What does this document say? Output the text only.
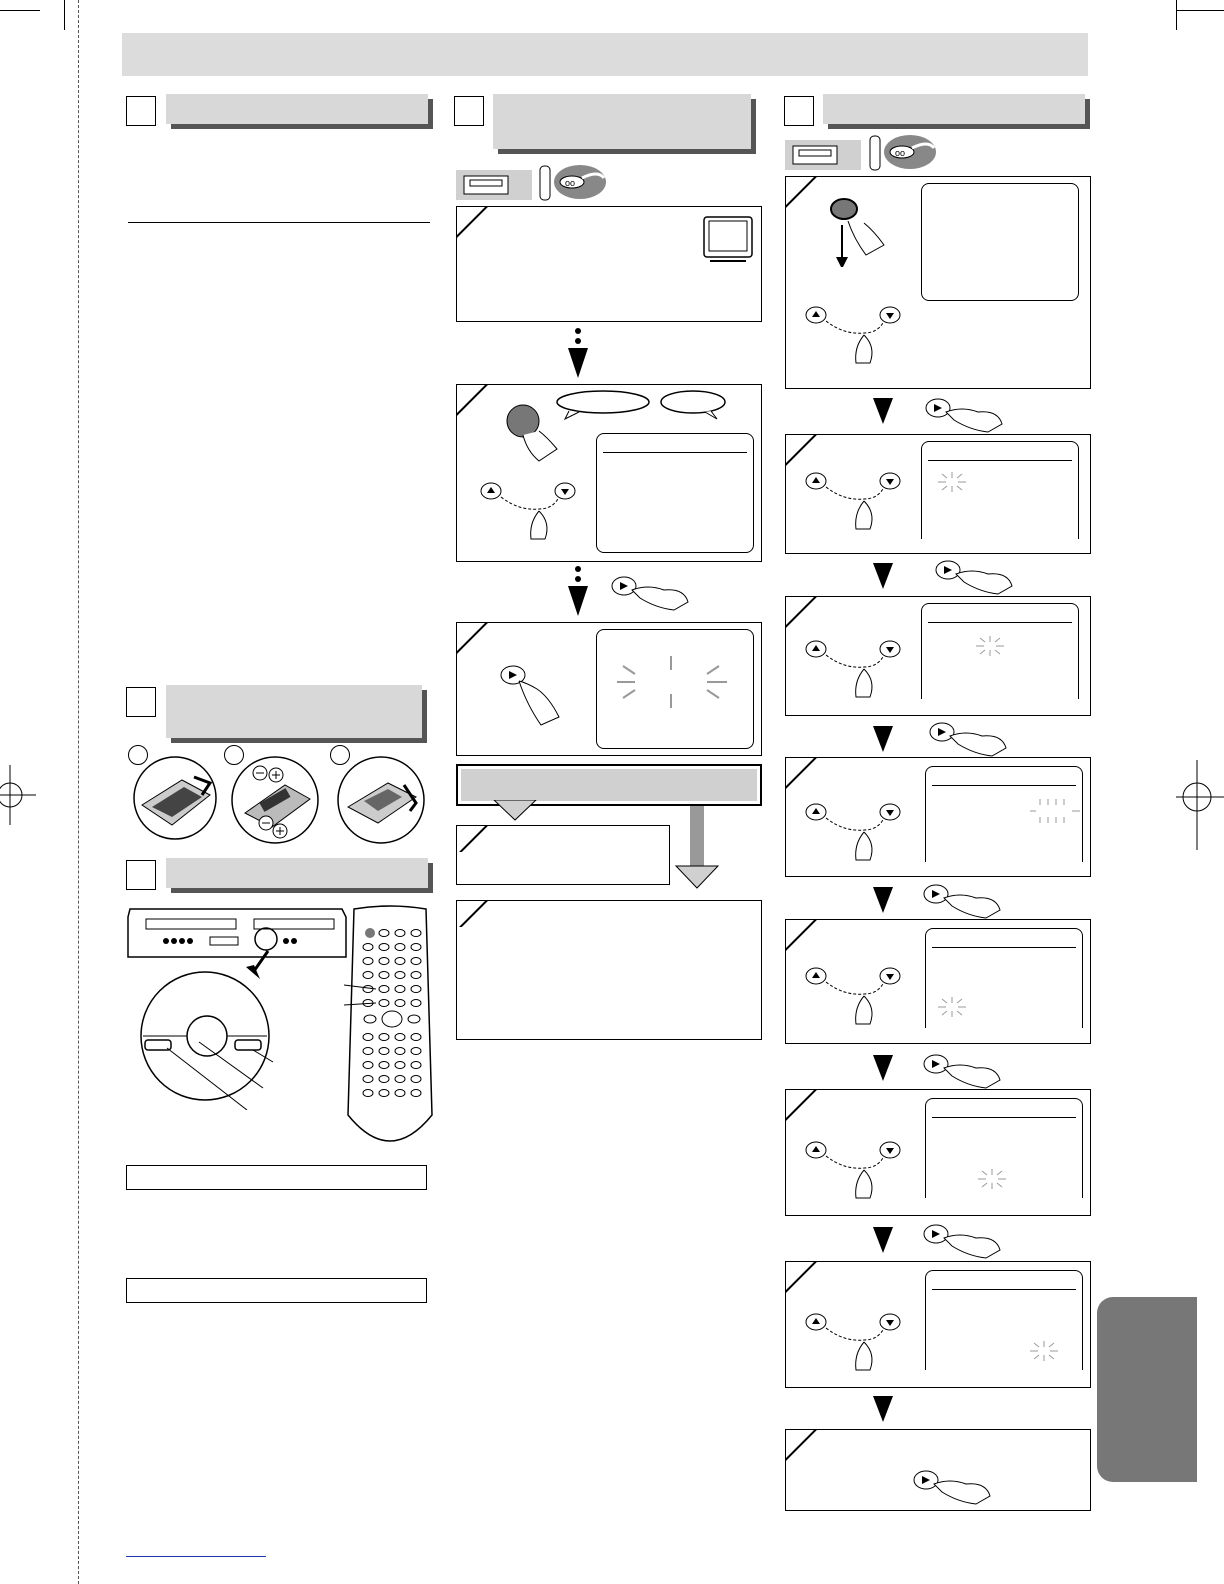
oo
oo
